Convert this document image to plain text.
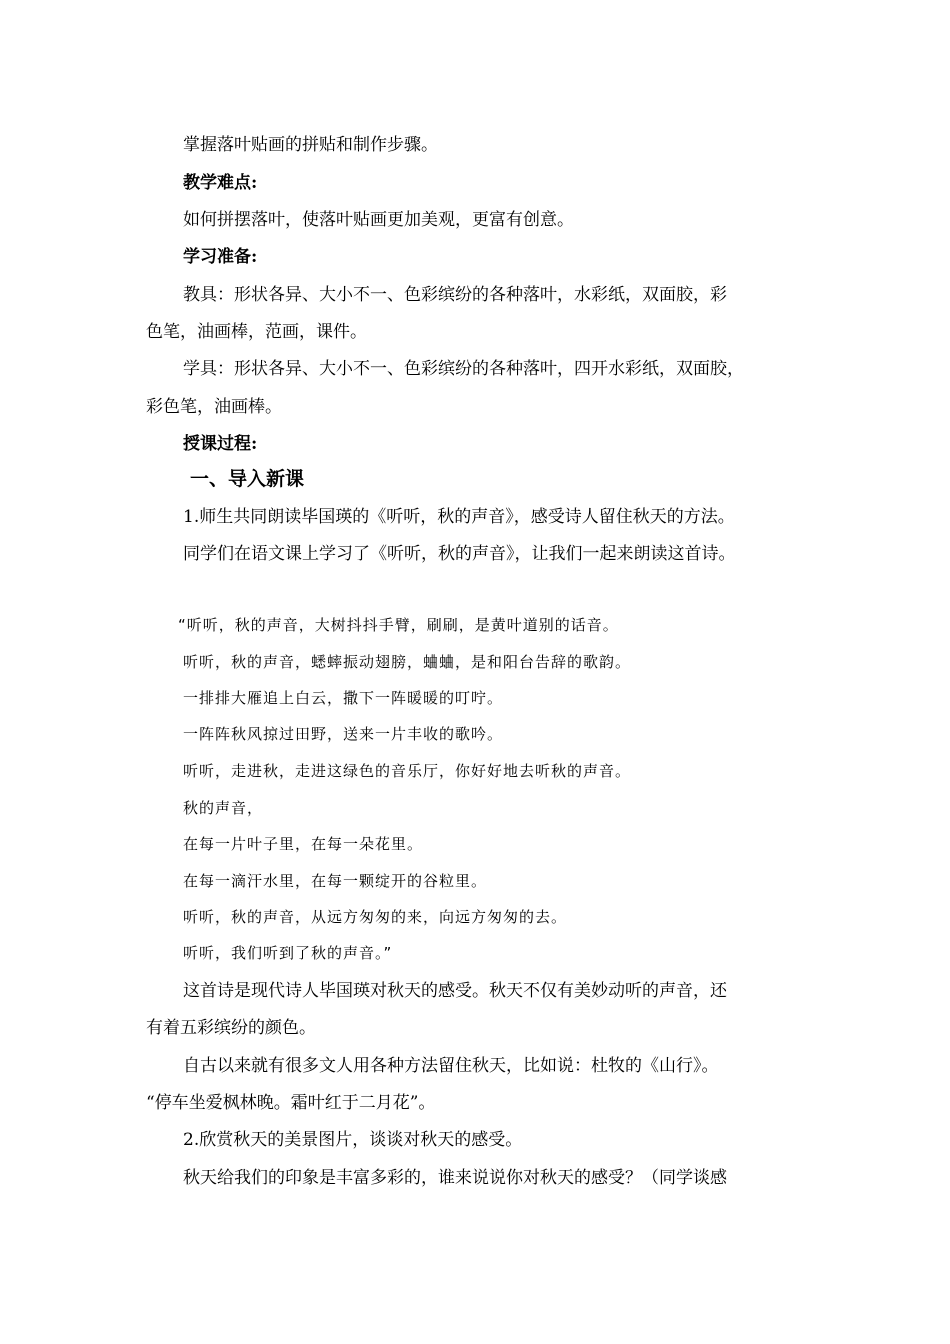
掌握落叶贴画的拼贴和制作步骤。
教学难点:
如何拼摆落叶，使落叶贴画更加美观，更富有创意。
学习准备:
教具：形状各异、大小不一、色彩缤纷的各种落叶，水彩纸，双面胶，彩
色笔，油画棒，范画，课件。
学具：形状各异、大小不一、色彩缤纷的各种落叶，四开水彩纸，双面胶，
彩色笔，油画棒。
授课过程:
一、导入新课
1.师生共同朗读毕国瑛的《听听，秋的声音》，感受诗人留住秋天的方法。
同学们在语文课上学习了《听听，秋的声音》，让我们一起来朗读这首诗。
“听听，秋的声音，大树抖抖手臂，刷刷，是黄叶道别的话音。
听听，秋的声音，蟋蟀振动翅膀，蛐蛐，是和阳台告辞的歌韵。
一排排大雁追上白云，撒下一阵暖暖的叮咛。
一阵阵秋风掠过田野，送来一片丰收的歌吟。
听听，走进秋，走进这绿色的音乐厅，你好好地去听秋的声音。
秋的声音，
在每一片叶子里，在每一朵花里。
在每一滴汗水里，在每一颗绽开的谷粒里。
听听，秋的声音，从远方匆匆的来，向远方匆匆的去。
听听，我们听到了秋的声音。”
这首诗是现代诗人毕国瑛对秋天的感受。秋天不仅有美妙动听的声音，还
有着五彩缤纷的颜色。
自古以来就有很多文人用各种方法留住秋天，比如说：杜牧的《山行》。
“停车坐爱枫林晚。霜叶红于二月花”。
2.欣赏秋天的美景图片，谈谈对秋天的感受。
秋天给我们的印象是丰富多彩的，谁来说说你对秋天的感受？（同学谈感
